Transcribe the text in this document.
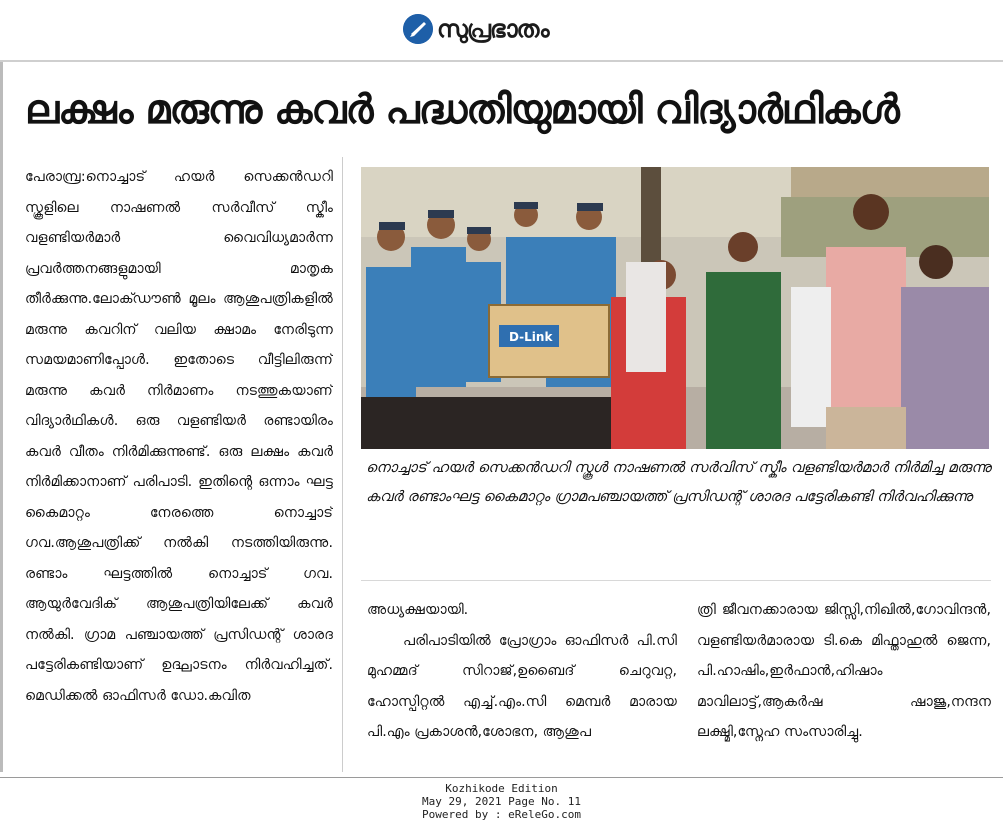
സുപ്രഭാതം
ലക്ഷം മരുന്നു കവർ പദ്ധതിയുമായി വിദ്യാർഥികൾ

പേരാമ്പ്ര:നൊച്ചാട് ഹയർ സെക്കൻഡറി സ്കൂളിലെ നാഷണൽ സർവീസ് സ്കീം വളണ്ടിയർമാർ വൈവിധ്യമാർന്ന പ്രവർത്തനങ്ങളുമായി മാതൃക തീർക്കുന്നു.ലോക്ഡൗൺ മൂലം ആശുപത്രികളിൽ മരുന്നു കവറിന് വലിയ ക്ഷാമം നേരിടുന്ന സമയമാണിപ്പോൾ. ഇതോടെ വീട്ടിലിരുന്ന് മരുന്നു കവർ നിർമാണം നടത്തുകയാണ് വിദ്യാർഥികൾ. ഒരു വളണ്ടിയർ രണ്ടായിരം കവർ വീതം നിർമിക്കുന്നുണ്ട്. ഒരു ലക്ഷം കവർ നിർമിക്കാനാണ് പരിപാടി. ഇതിന്റെ ഒന്നാം ഘട്ട കൈമാറ്റം നേരത്തെ നൊച്ചാട് ഗവ.ആശുപത്രിക്ക് നൽകി നടത്തിയിരുന്നു. രണ്ടാം ഘട്ടത്തിൽ നൊച്ചാട് ഗവ. ആയുർവേദിക് ആശുപത്രിയിലേക്ക് കവർ നൽകി. ഗ്രാമ പഞ്ചായത്ത് പ്രസിഡന്റ് ശാരദ പട്ടേരികണ്ടിയാണ് ഉദ്ഘാടനം നിർവഹിച്ചത്. മെഡിക്കൽ ഓഫിസർ ഡോ.കവിത

D-Link

നൊച്ചാട് ഹയർ സെക്കൻഡറി സ്കൂൾ നാഷണൽ സർവിസ് സ്കീം വളണ്ടിയർമാർ നിർമിച്ച മരുന്നു കവർ രണ്ടാംഘട്ട കൈമാറ്റം ഗ്രാമപഞ്ചായത്ത് പ്രസിഡന്റ് ശാരദ പട്ടേരികണ്ടി നിർവഹിക്കുന്നു

അധ്യക്ഷയായി.
പരിപാടിയിൽ പ്രോഗ്രാം ഓഫിസർ പി.സി മുഹമ്മദ് സിറാജ്,ഉബൈദ് ചെറുവറ്റ, ഹോസ്പിറ്റൽ എച്ച്.എം.സി മെമ്പർ മാരായ പി.എം പ്രകാശൻ,ശോഭന, ആശുപ
ത്രി ജീവനക്കാരായ ജിസ്സി,നിഖിൽ,ഗോവിന്ദൻ, വളണ്ടിയർമാരായ ടി.കെ മിഫ്താഹുൽ ജെന്ന, പി.ഹാഷിം,ഇർഫാൻ,ഹിഷാം മാവിലാട്ട്,ആകർഷ ഷാജു,നന്ദന ലക്ഷ്മി,സ്നേഹ സംസാരിച്ചു.
Kozhikode Edition
May 29, 2021 Page No. 11
Powered by : eReleGo.com
